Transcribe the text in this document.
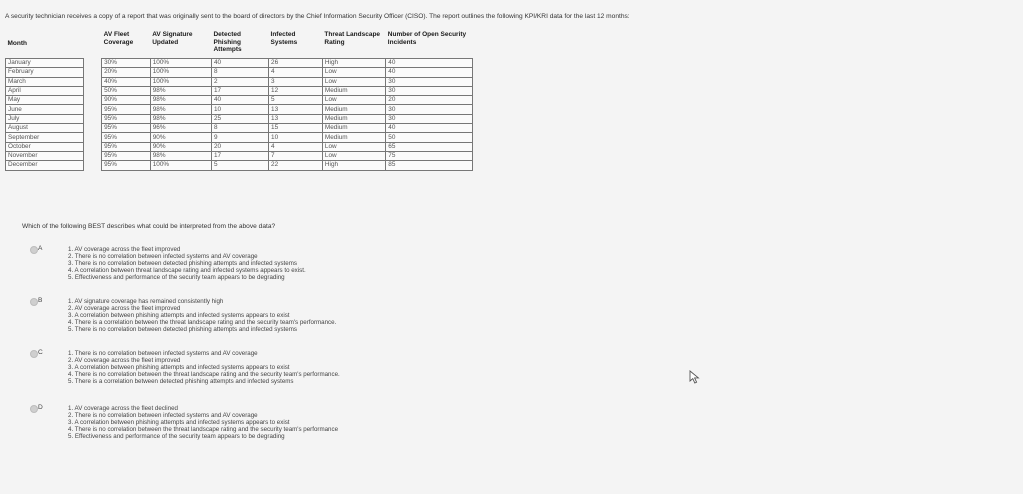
A security technician receives a copy of a report that was originally sent to the board of directors by the Chief Information Security Officer (CISO). The report outlines the following KPI/KRI data for the last 12 months:
Month		AV Fleet Coverage	AV Signature Updated	Detected Phishing Attempts	Infected Systems	Threat Landscape Rating	Number of Open Security Incidents
January		30%	100%	40	26	High	40
February		20%	100%	8	4	Low	40
March		40%	100%	2	3	Low	30
April		50%	98%	17	12	Medium	30
May		90%	98%	40	5	Low	20
June		95%	98%	10	13	Medium	30
July		95%	98%	25	13	Medium	30
August		95%	96%	8	15	Medium	40
September		95%	90%	9	10	Medium	50
October		95%	90%	20	4	Low	65
November		95%	98%	17	7	Low	75
December		95%	100%	5	22	High	85
Which of the following BEST describes what could be interpreted from the above data?
A	1. AV coverage across the fleet improved
2. There is no correlation between infected systems and AV coverage
3. There is no correlation between detected phishing attempts and infected systems
4. A correlation between threat landscape rating and infected systems appears to exist.
5. Effectiveness and performance of the security team appears to be degrading
B	1. AV signature coverage has remained consistently high
2. AV coverage across the fleet improved
3. A correlation between phishing attempts and infected systems appears to exist
4. There is a correlation between the threat landscape rating and the security team's performance.
5. There is no correlation between detected phishing attempts and infected systems
C	1. There is no correlation between infected systems and AV coverage
2. AV coverage across the fleet improved
3. A correlation between phishing attempts and infected systems appears to exist
4. There is no correlation between the threat landscape rating and the security team's performance.
5. There is a correlation between detected phishing attempts and infected systems
D	1. AV coverage across the fleet declined
2. There is no correlation between infected systems and AV coverage
3. A correlation between phishing attempts and infected systems appears to exist
4. There is no correlation between the threat landscape rating and the security team's performance
5. Effectiveness and performance of the security team appears to be degrading
